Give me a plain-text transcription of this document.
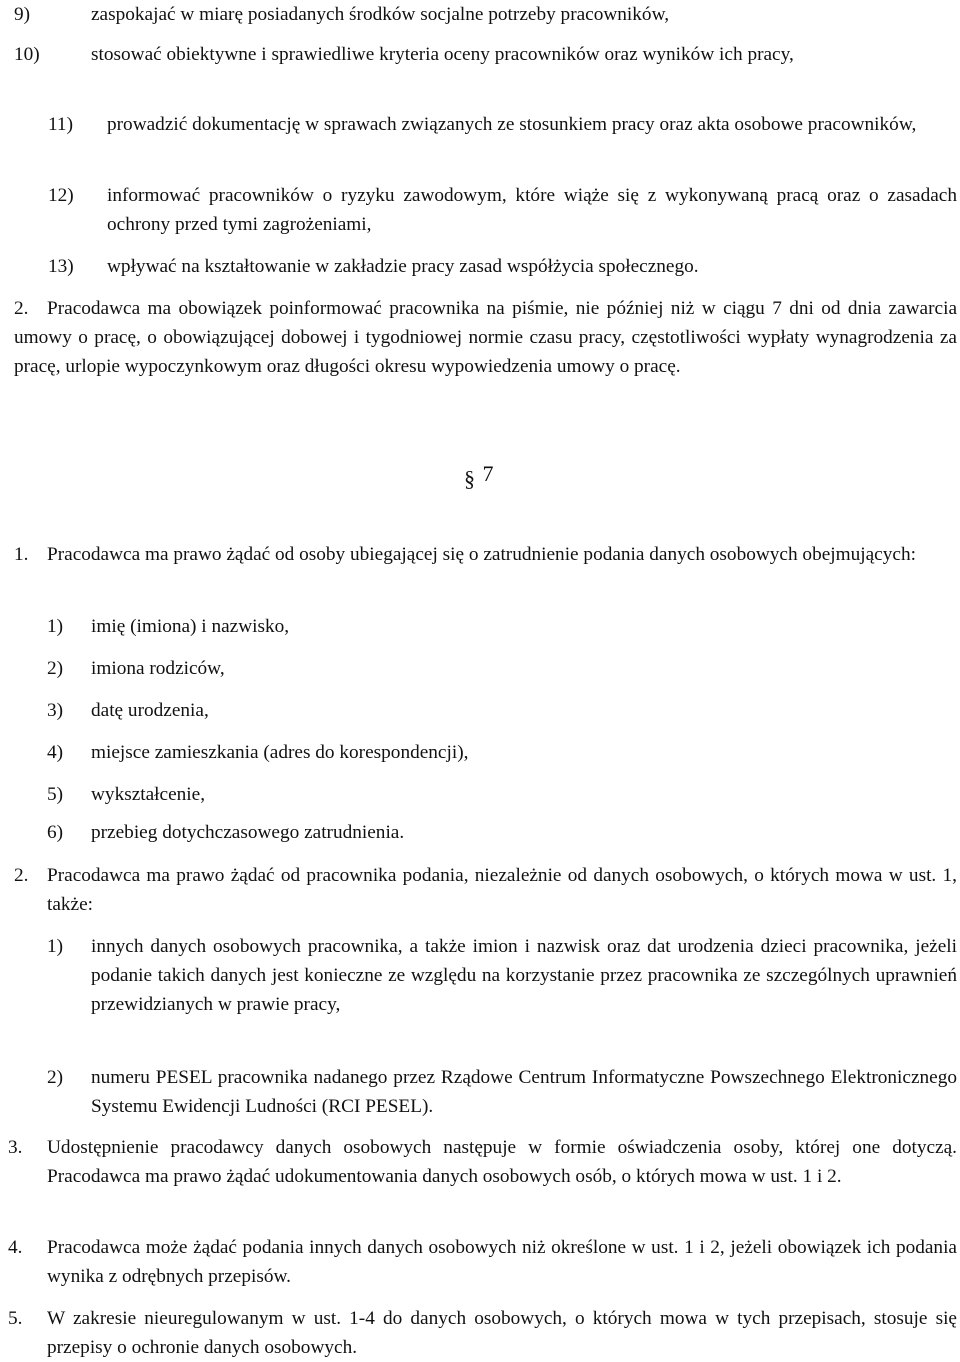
9)	zaspokajać w miarę posiadanych środków socjalne potrzeby pracowników,
10)	stosować obiektywne i sprawiedliwe kryteria oceny pracowników oraz wyników ich pracy,
11) prowadzić dokumentację w sprawach związanych ze stosunkiem pracy oraz akta osobowe pracowników,
12) informować pracowników o ryzyku zawodowym, które wiąże się z wykonywaną pracą oraz o zasadach ochrony przed tymi zagrożeniami,
13) wpływać na kształtowanie w zakładzie pracy zasad współżycia społecznego.
2. Pracodawca ma obowiązek poinformować pracownika na piśmie, nie później niż w ciągu 7 dni od dnia zawarcia umowy o pracę, o obowiązującej dobowej i tygodniowej normie czasu pracy, częstotliwości wypłaty wynagrodzenia za pracę, urlopie wypoczynkowym oraz długości okresu wypowiedzenia umowy o pracę.
§ 7
1. Pracodawca ma prawo żądać od osoby ubiegającej się o zatrudnienie podania danych osobowych obejmujących:
1) imię (imiona) i nazwisko,
2) imiona rodziców,
3) datę urodzenia,
4) miejsce zamieszkania (adres do korespondencji),
5) wykształcenie,
6) przebieg dotychczasowego zatrudnienia.
2. Pracodawca ma prawo żądać od pracownika podania, niezależnie od danych osobowych, o których mowa w ust. 1, także:
1) innych danych osobowych pracownika, a także imion i nazwisk oraz dat urodzenia dzieci pracownika, jeżeli podanie takich danych jest konieczne ze względu na korzystanie przez pracownika ze szczególnych uprawnień przewidzianych w prawie pracy,
2) numeru PESEL pracownika nadanego przez Rządowe Centrum Informatyczne Powszechnego Elektronicznego Systemu Ewidencji Ludności (RCI PESEL).
3. Udostępnienie pracodawcy danych osobowych następuje w formie oświadczenia osoby, której one dotyczą. Pracodawca ma prawo żądać udokumentowania danych osobowych osób, o których mowa w ust. 1 i 2.
4. Pracodawca może żądać podania innych danych osobowych niż określone w ust. 1 i 2, jeżeli obowiązek ich podania wynika z odrębnych przepisów.
5. W zakresie nieuregulowanym w ust. 1-4 do danych osobowych, o których mowa w tych przepisach, stosuje się przepisy o ochronie danych osobowych.
